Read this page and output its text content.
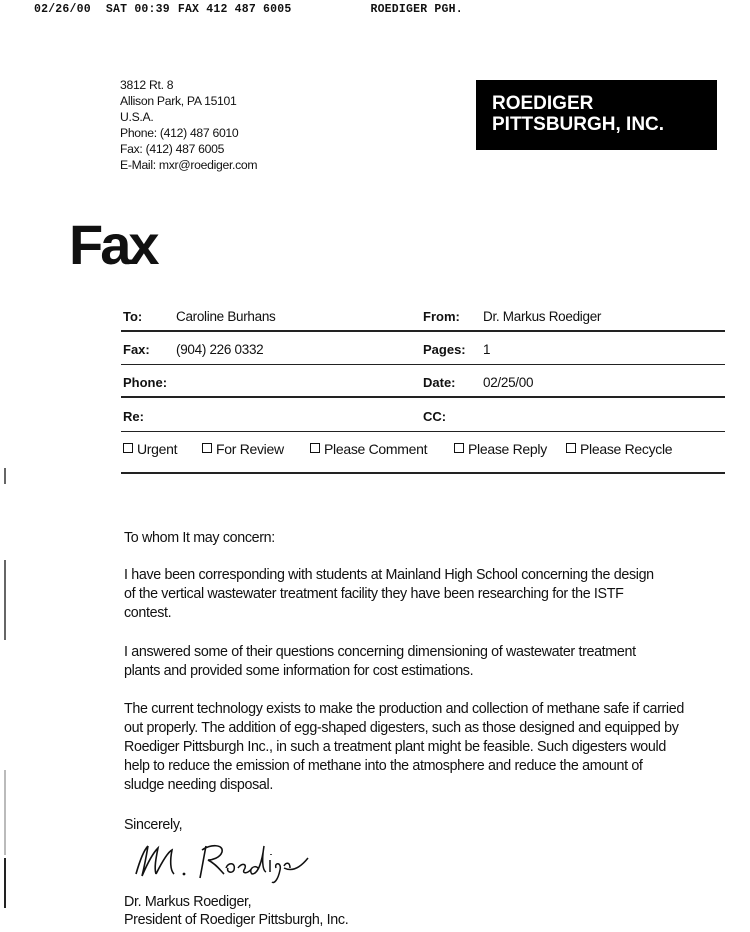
02/26/00 SAT 00:39 FAX 412 487 6005	ROEDIGER PGH.
3812 Rt. 8
Allison Park, PA 15101
U.S.A.
Phone: (412) 487 6010
Fax: (412) 487 6005
E-Mail: mxr@roediger.com
ROEDIGER
PITTSBURGH, INC.
Fax
To:	Caroline Burhans	From: Dr. Markus Roediger
Fax: (904) 226 0332	Pages: 1
Phone:	Date: 02/25/00
Re:	CC:
Urgent	For Review	Please Comment	Please Reply	Please Recycle
To whom It may concern:
I have been corresponding with students at Mainland High School concerning the design of the vertical wastewater treatment facility they have been researching for the ISTF contest.
I answered some of their questions concerning dimensioning of wastewater treatment plants and provided some information for cost estimations.
The current technology exists to make the production and collection of methane safe if carried out properly. The addition of egg-shaped digesters, such as those designed and equipped by Roediger Pittsburgh Inc., in such a treatment plant might be feasible. Such digesters would help to reduce the emission of methane into the atmosphere and reduce the amount of sludge needing disposal.
Sincerely,
Dr. Markus Roediger,
President of Roediger Pittsburgh, Inc.
